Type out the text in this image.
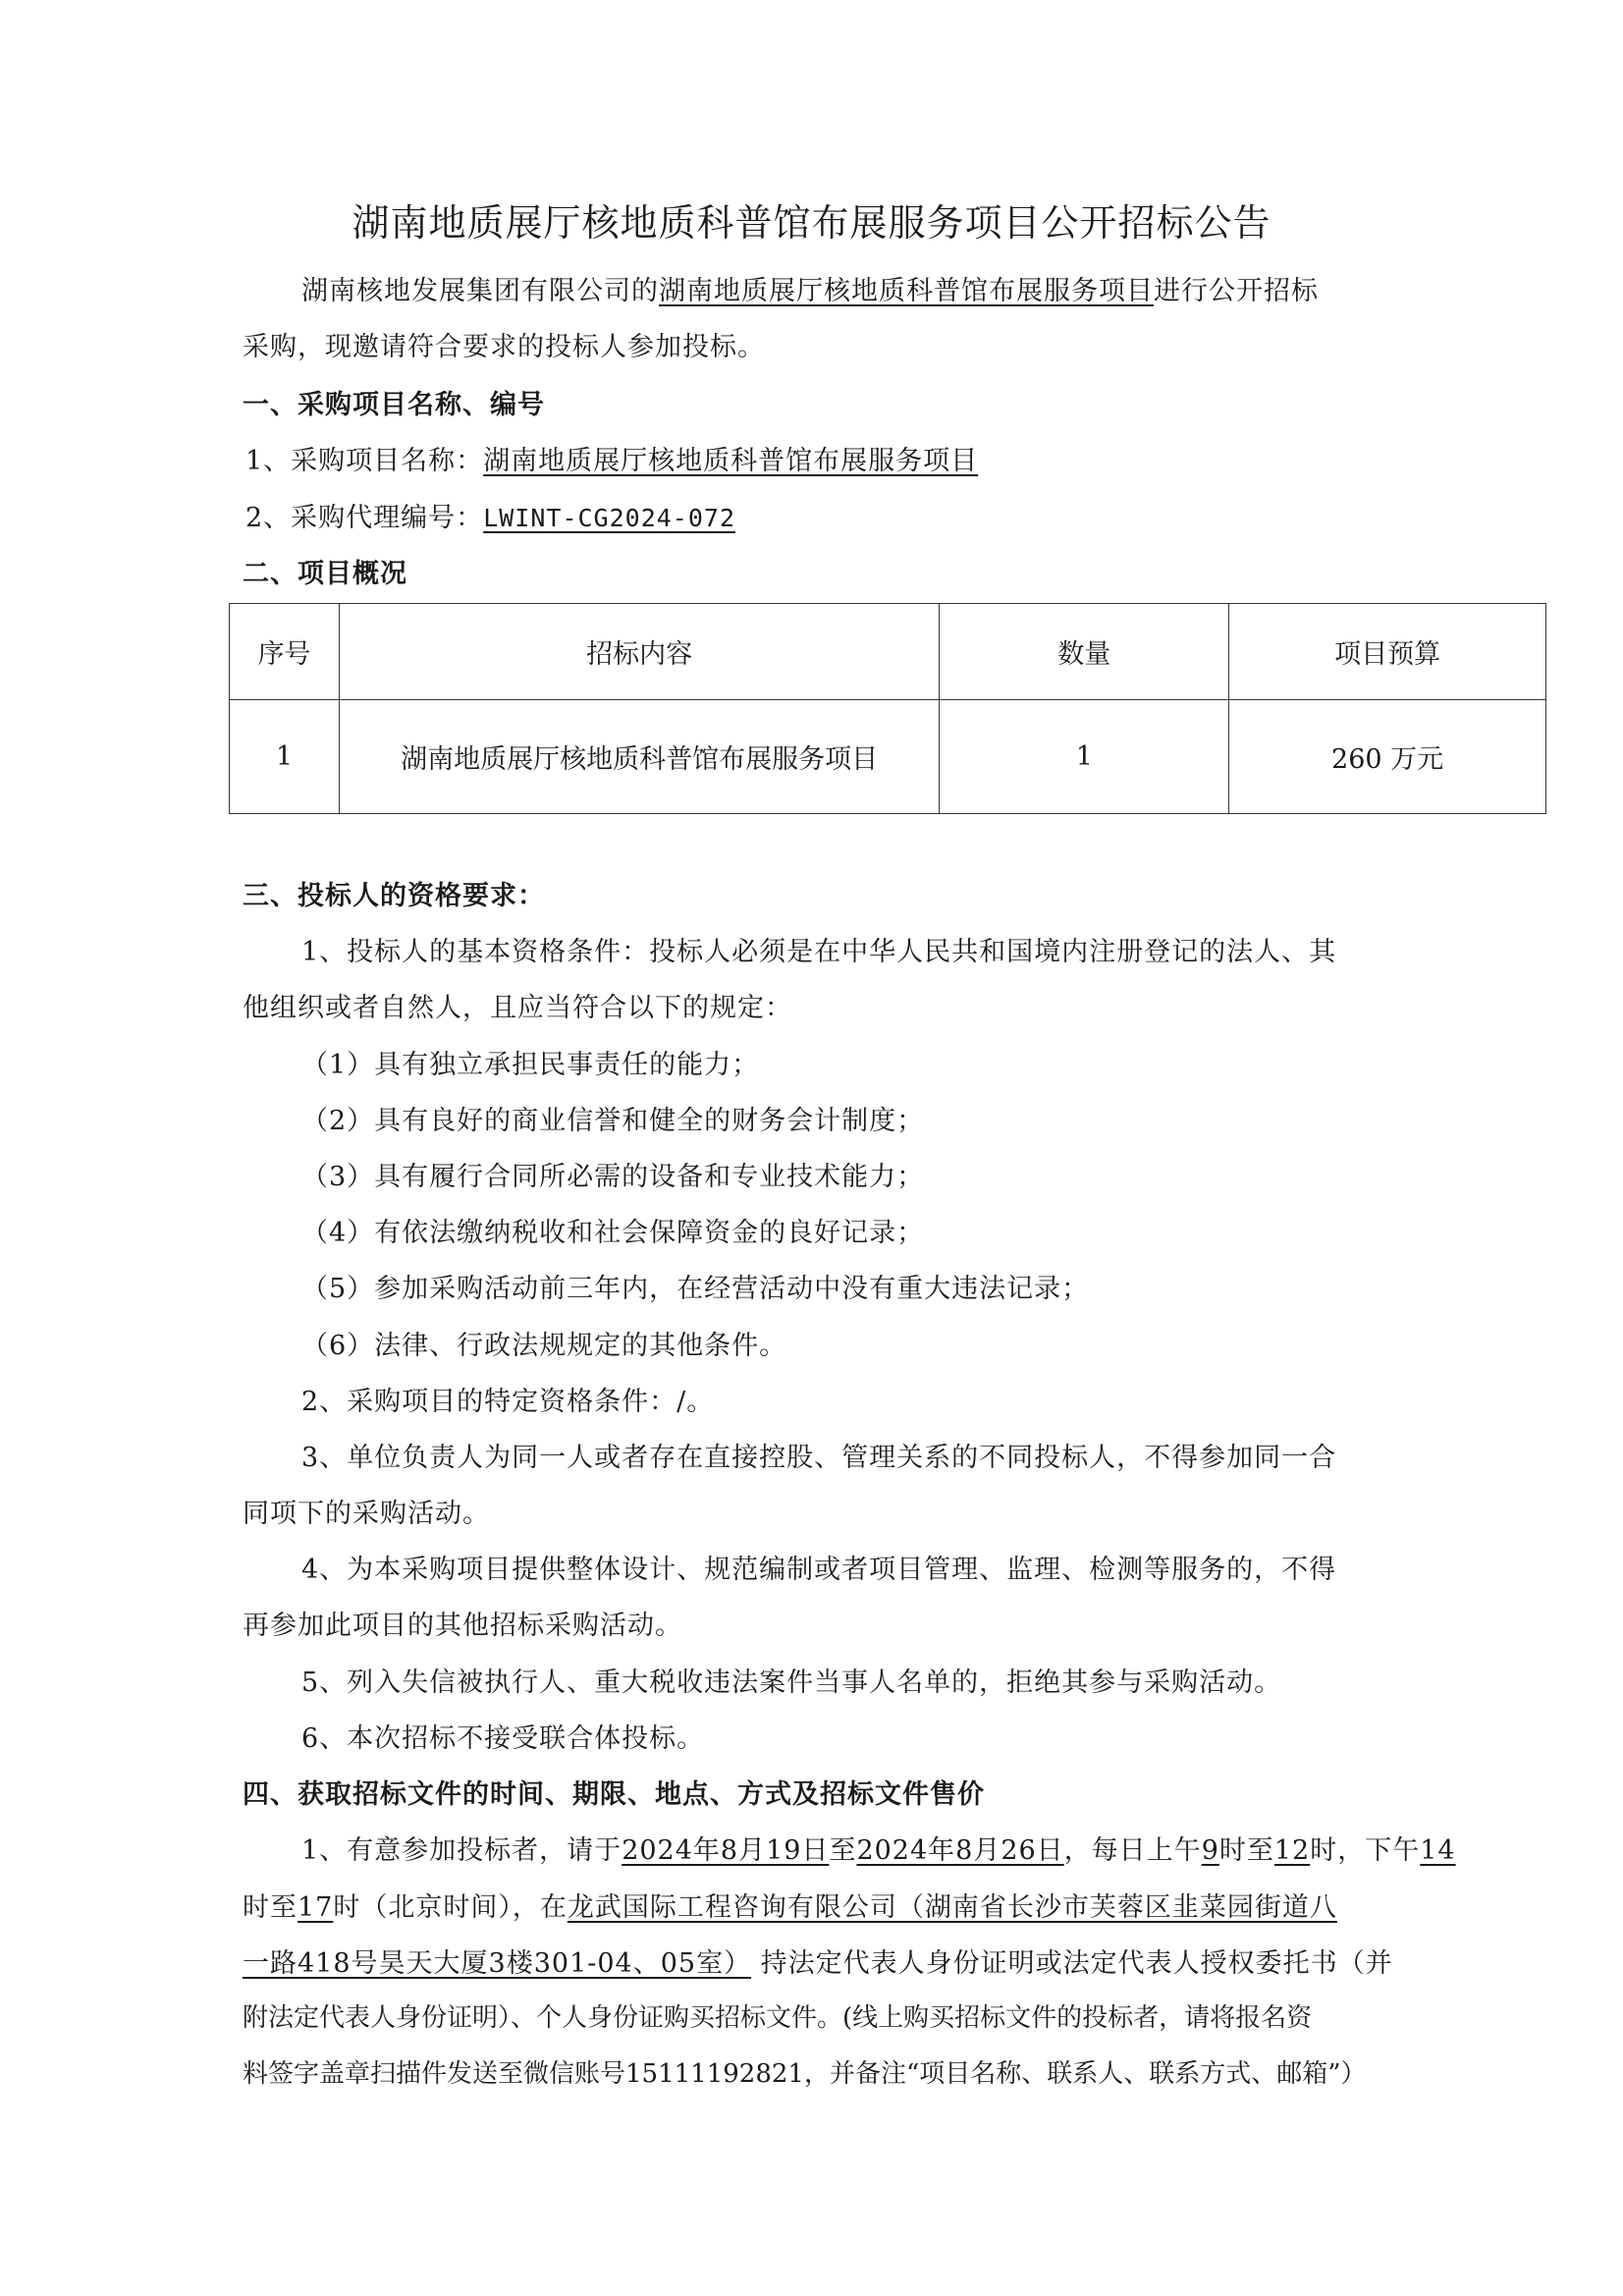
湖南地质展厅核地质科普馆布展服务项目公开招标公告
湖南核地发展集团有限公司的湖南地质展厅核地质科普馆布展服务项目进行公开招标
采购，现邀请符合要求的投标人参加投标。
一、采购项目名称、编号
1、采购项目名称：湖南地质展厅核地质科普馆布展服务项目
2、采购代理编号：LWINT-CG2024-072
二、项目概况
序号	招标内容	数量	项目预算
1	湖南地质展厅核地质科普馆布展服务项目	1	260 万元
三、投标人的资格要求：
1、投标人的基本资格条件：投标人必须是在中华人民共和国境内注册登记的法人、其
他组织或者自然人，且应当符合以下的规定：
（1）具有独立承担民事责任的能力；
（2）具有良好的商业信誉和健全的财务会计制度；
（3）具有履行合同所必需的设备和专业技术能力；
（4）有依法缴纳税收和社会保障资金的良好记录；
（5）参加采购活动前三年内，在经营活动中没有重大违法记录；
（6）法律、行政法规规定的其他条件。
2、采购项目的特定资格条件：/。
3、单位负责人为同一人或者存在直接控股、管理关系的不同投标人，不得参加同一合
同项下的采购活动。
4、为本采购项目提供整体设计、规范编制或者项目管理、监理、检测等服务的，不得
再参加此项目的其他招标采购活动。
5、列入失信被执行人、重大税收违法案件当事人名单的，拒绝其参与采购活动。
6、本次招标不接受联合体投标。
四、获取招标文件的时间、期限、地点、方式及招标文件售价
1、有意参加投标者，请于2024年8月19日至2024年8月26日，每日上午9时至12时，下午14
时至17时（北京时间），在龙武国际工程咨询有限公司（湖南省长沙市芙蓉区韭菜园街道八
一路418号昊天大厦3楼301-04、05室） 持法定代表人身份证明或法定代表人授权委托书（并
附法定代表人身份证明）、个人身份证购买招标文件。(线上购买招标文件的投标者，请将报名资
料签字盖章扫描件发送至微信账号15111192821，并备注“项目名称、联系人、联系方式、邮箱”）
